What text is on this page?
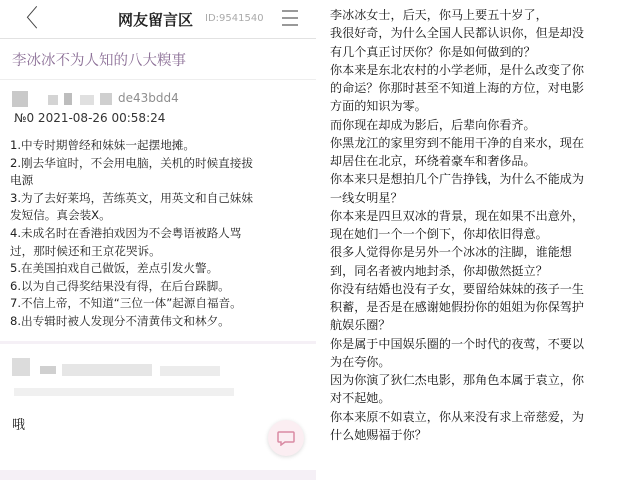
〈	网友留言区 ID:9541540
李冰冰不为人知的八大糗事
de43bdd4
№0 2021-08-26 00:58:24
1.中专时期曾经和妹妹一起摆地摊。
2.刚去华谊时，不会用电脑，关机的时候直接拔
电源
3.为了去好莱坞，苦练英文，用英文和自己妹妹
发短信。真会装X。
4.未成名时在香港拍戏因为不会粤语被路人骂
过，那时候还和王京花哭诉。
5.在美国拍戏自己做饭，差点引发火警。
6.以为自己得奖结果没有得，在后台跺脚。
7.不信上帝，不知道“三位一体”起源自福音。
8.出专辑时被人发现分不清黄伟文和林夕。
哦
李冰冰女士，后天，你马上要五十岁了，
我很好奇，为什么全国人民都认识你，但是却没
有几个真正讨厌你？你是如何做到的？
你本来是东北农村的小学老师，是什么改变了你
的命运？你那时甚至不知道上海的方位，对电影
方面的知识为零。
而你现在却成为影后，后辈向你看齐。
你黑龙江的家里穷到不能用干净的自来水，现在
却居住在北京，环绕着豪车和奢侈品。
你本来只是想拍几个广告挣钱，为什么不能成为
一线女明星？
你本来是四旦双冰的背景，现在如果不出意外，
现在她们一个一个倒下，你却依旧得意。
很多人觉得你是另外一个冰冰的注脚，谁能想
到，同名者被内地封杀，你却傲然挺立？
你没有结婚也没有子女，要留给妹妹的孩子一生
积蓄，是否是在感谢她假扮你的姐姐为你保驾护
航娱乐圈？
你是属于中国娱乐圈的一个时代的夜莺，不要以
为在夸你。
因为你演了狄仁杰电影，那角色本属于袁立，你
对不起她。
你本来原不如袁立，你从来没有求上帝慈爱，为
什么她赐福于你？
